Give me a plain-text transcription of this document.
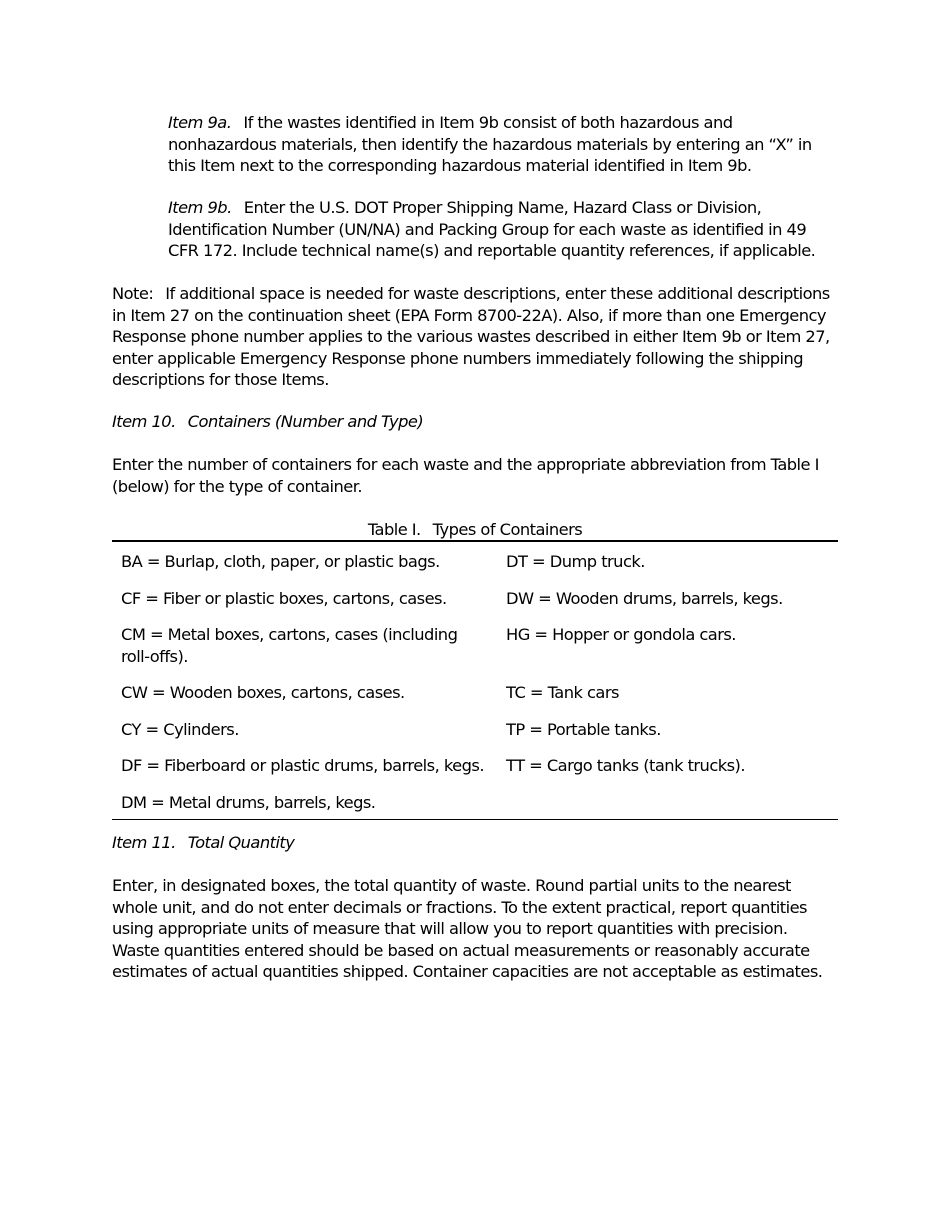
Item 9a. If the wastes identified in Item 9b consist of both hazardous and nonhazardous materials, then identify the hazardous materials by entering an “X” in this Item next to the corresponding hazardous material identified in Item 9b.

Item 9b. Enter the U.S. DOT Proper Shipping Name, Hazard Class or Division, Identification Number (UN/NA) and Packing Group for each waste as identified in 49 CFR 172. Include technical name(s) and reportable quantity references, if applicable.

Note: If additional space is needed for waste descriptions, enter these additional descriptions in Item 27 on the continuation sheet (EPA Form 8700-22A). Also, if more than one Emergency Response phone number applies to the various wastes described in either Item 9b or Item 27, enter applicable Emergency Response phone numbers immediately following the shipping descriptions for those Items.

Item 10. Containers (Number and Type)

Enter the number of containers for each waste and the appropriate abbreviation from Table I (below) for the type of container.

Table I. Types of Containers

BA = Burlap, cloth, paper, or plastic bags.	DT = Dump truck.
CF = Fiber or plastic boxes, cartons, cases.	DW = Wooden drums, barrels, kegs.
CM = Metal boxes, cartons, cases (including roll-offs).	HG = Hopper or gondola cars.
CW = Wooden boxes, cartons, cases.	TC = Tank cars
CY = Cylinders.	TP = Portable tanks.
DF = Fiberboard or plastic drums, barrels, kegs.	TT = Cargo tanks (tank trucks).
DM = Metal drums, barrels, kegs.	

Item 11. Total Quantity

Enter, in designated boxes, the total quantity of waste. Round partial units to the nearest whole unit, and do not enter decimals or fractions. To the extent practical, report quantities using appropriate units of measure that will allow you to report quantities with precision. Waste quantities entered should be based on actual measurements or reasonably accurate estimates of actual quantities shipped. Container capacities are not acceptable as estimates.
